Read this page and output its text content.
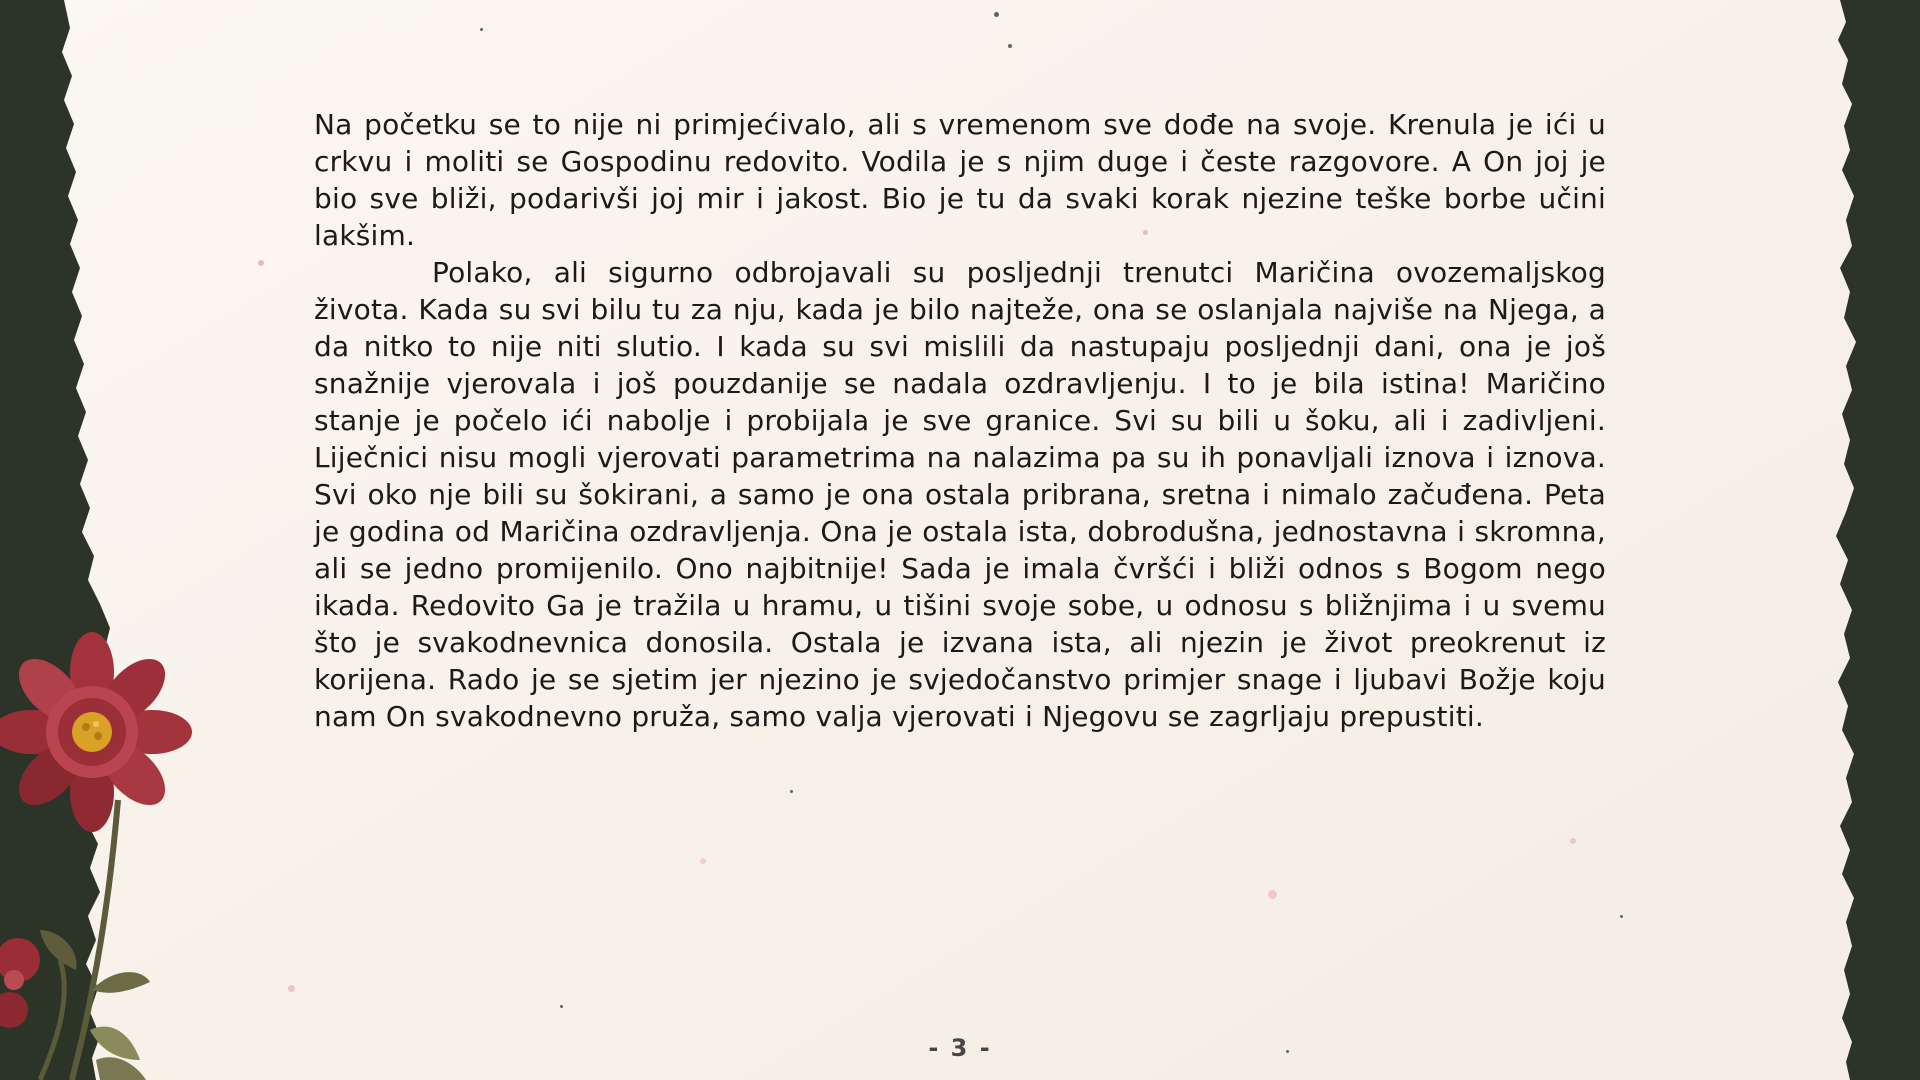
Na početku se to nije ni primjećivalo, ali s vremenom sve dođe na svoje. Krenula je ići u crkvu i moliti se Gospodinu redovito. Vodila je s njim duge i česte razgovore. A On joj je bio sve bliži, podarivši joj mir i jakost. Bio je tu da svaki korak njezine teške borbe učini lakšim.

Polako, ali sigurno odbrojavali su posljednji trenutci Maričina ovozemaljskog života. Kada su svi bilu tu za nju, kada je bilo najteže, ona se oslanjala najviše na Njega, a da nitko to nije niti slutio. I kada su svi mislili da nastupaju posljednji dani, ona je još snažnije vjerovala i još pouzdanije se nadala ozdravljenju. I to je bila istina! Maričino stanje je počelo ići nabolje i probijala je sve granice. Svi su bili u šoku, ali i zadivljeni. Liječnici nisu mogli vjerovati parametrima na nalazima pa su ih ponavljali iznova i iznova. Svi oko nje bili su šokirani, a samo je ona ostala pribrana, sretna i nimalo začuđena. Peta je godina od Maričina ozdravljenja. Ona je ostala ista, dobrodušna, jednostavna i skromna, ali se jedno promijenilo. Ono najbitnije! Sada je imala čvršći i bliži odnos s Bogom nego ikada. Redovito Ga je tražila u hramu, u tišini svoje sobe, u odnosu s bližnjima i u svemu što je svakodnevnica donosila. Ostala je izvana ista, ali njezin je život preokrenut iz korijena. Rado je se sjetim jer njezino je svjedočanstvo primjer snage i ljubavi Božje koju nam On svakodnevno pruža, samo valja vjerovati i Njegovu se zagrljaju prepustiti.

- 3 -
